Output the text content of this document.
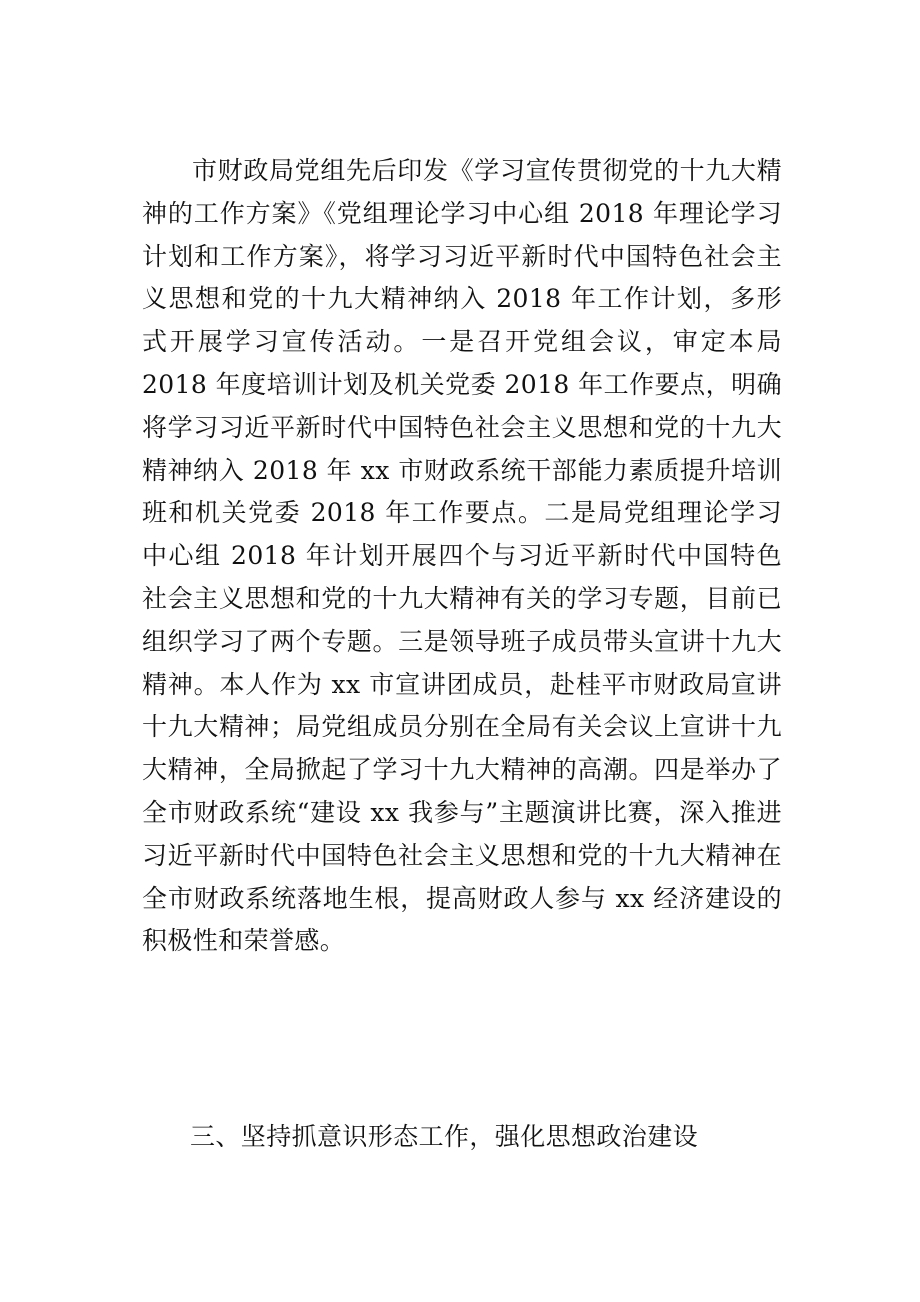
市财政局党组先后印发《学习宣传贯彻党的十九大精神的工作方案》《党组理论学习中心组 2018 年理论学习计划和工作方案》，将学习习近平新时代中国特色社会主义思想和党的十九大精神纳入 2018 年工作计划，多形式开展学习宣传活动。一是召开党组会议，审定本局 2018 年度培训计划及机关党委 2018 年工作要点，明确将学习习近平新时代中国特色社会主义思想和党的十九大精神纳入 2018 年 xx 市财政系统干部能力素质提升培训班和机关党委 2018 年工作要点。二是局党组理论学习中心组 2018 年计划开展四个与习近平新时代中国特色社会主义思想和党的十九大精神有关的学习专题，目前已组织学习了两个专题。三是领导班子成员带头宣讲十九大精神。本人作为 xx 市宣讲团成员，赴桂平市财政局宣讲十九大精神；局党组成员分别在全局有关会议上宣讲十九大精神，全局掀起了学习十九大精神的高潮。四是举办了全市财政系统“建设 xx 我参与”主题演讲比赛，深入推进习近平新时代中国特色社会主义思想和党的十九大精神在全市财政系统落地生根，提高财政人参与 xx 经济建设的积极性和荣誉感。

三、坚持抓意识形态工作，强化思想政治建设
